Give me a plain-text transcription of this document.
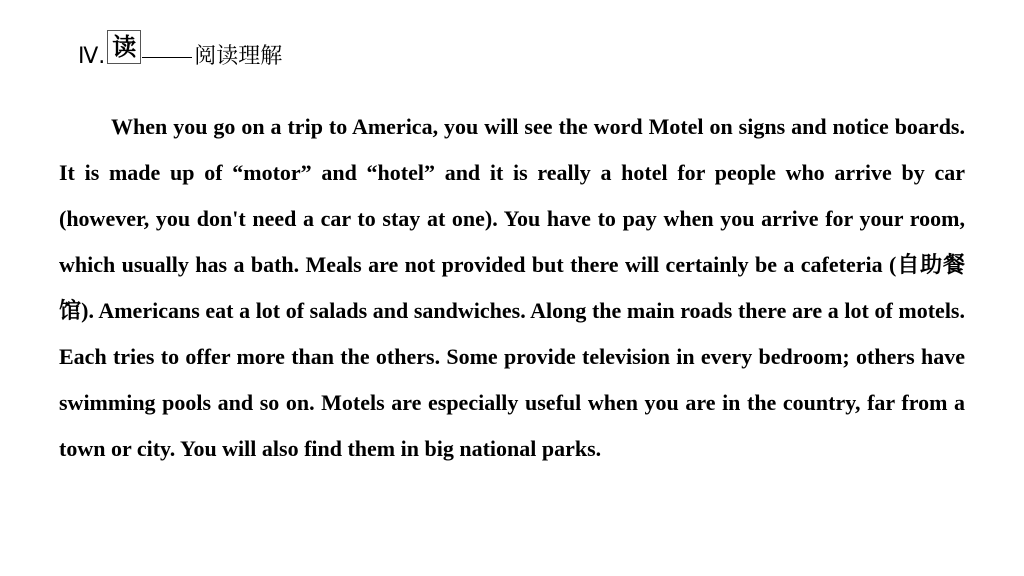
Ⅳ. 读	阅读理解

When you go on a trip to America, you will see the word Motel on signs and notice boards. It is made up of “motor” and “hotel” and it is really a hotel for people who arrive by car (however, you don't need a car to stay at one). You have to pay when you arrive for your room, which usually has a bath. Meals are not provided but there will certainly be a cafeteria (自助餐馆). Americans eat a lot of salads and sandwiches. Along the main roads there are a lot of motels. Each tries to offer more than the others. Some provide television in every bedroom; others have swimming pools and so on. Motels are especially useful when you are in the country, far from a town or city. You will also find them in big national parks.
